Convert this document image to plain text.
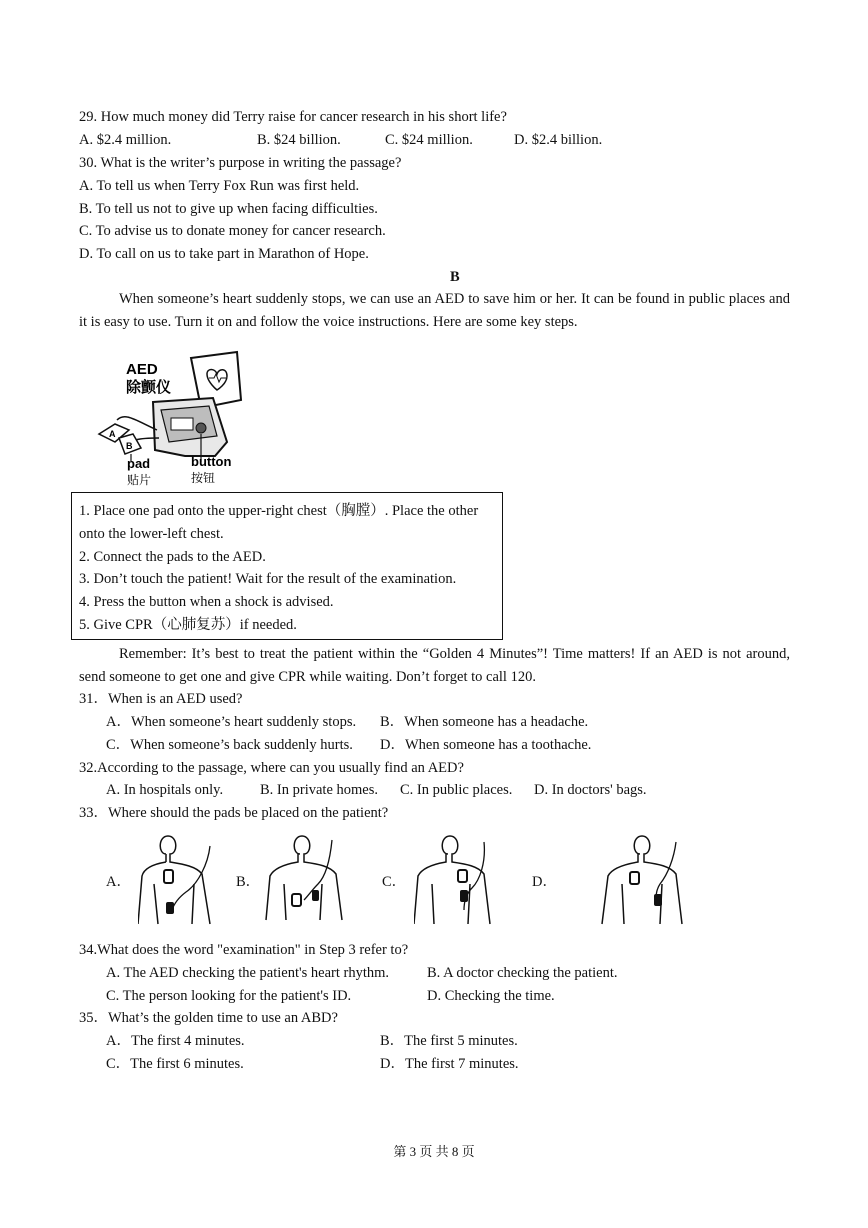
29. How much money did Terry raise for cancer research in his short life?
A. $2.4 million.	B. $24 billion.	C. $24 million.	D. $2.4 billion.
30. What is the writer’s purpose in writing the passage?
A. To tell us when Terry Fox Run was first held.
B. To tell us not to give up when facing difficulties.
C. To advise us to donate money for cancer research.
D. To call on us to take part in Marathon of Hope.
B
When someone’s heart suddenly stops, we can use an AED to save him or her. It can be found in public places and it is easy to use. Turn it on and follow the voice instructions. Here are some key steps.
AED
除颤仪
A
B
pad
贴片
button
按钮
1. Place one pad onto the upper-right chest（胸膛）. Place the other
onto the lower-left chest.
2. Connect the pads to the AED.
3. Don’t touch the patient! Wait for the result of the examination.
4. Press the button when a shock is advised.
5. Give CPR（心肺复苏）if needed.
Remember: It’s best to treat the patient within the “Golden 4 Minutes”! Time matters! If an AED is not around, send someone to get one and give CPR while waiting. Don’t forget to call 120.
31．When is an AED used?
A．When someone’s heart suddenly stops. B．When someone has a headache.
C．When someone’s back suddenly hurts. D．When someone has a toothache.
32.According to the passage, where can you usually find an AED?
A. In hospitals only.	B. In private homes. C. In public places. D. In doctors' bags.
33．Where should the pads be placed on the patient?
A．	B．	C．	D．
34.What does the word "examination" in Step 3 refer to?
A. The AED checking the patient's heart rhythm.	B. A doctor checking the patient.
C. The person looking for the patient's ID.	D. Checking the time.
35．What’s the golden time to use an ABD?
A．The first 4 minutes.	B．The first 5 minutes.
C．The first 6 minutes.	D．The first 7 minutes.
第 3 页 共 8 页
